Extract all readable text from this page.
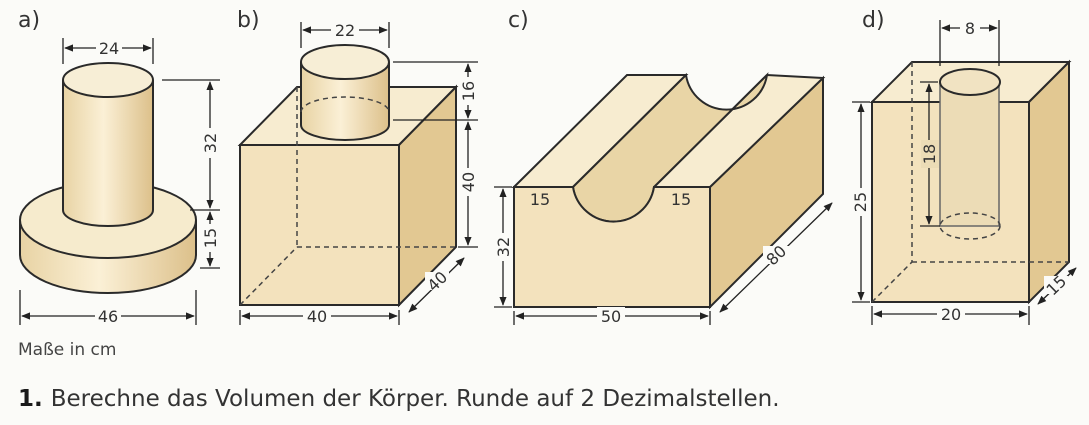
a)	b)	c)	d)
24
32
15
46
22
16
40
40
40
15	15
32
50
80
8
18
25
20
15
Maße in cm
1. Berechne das Volumen der Körper. Runde auf 2 Dezimalstellen.
